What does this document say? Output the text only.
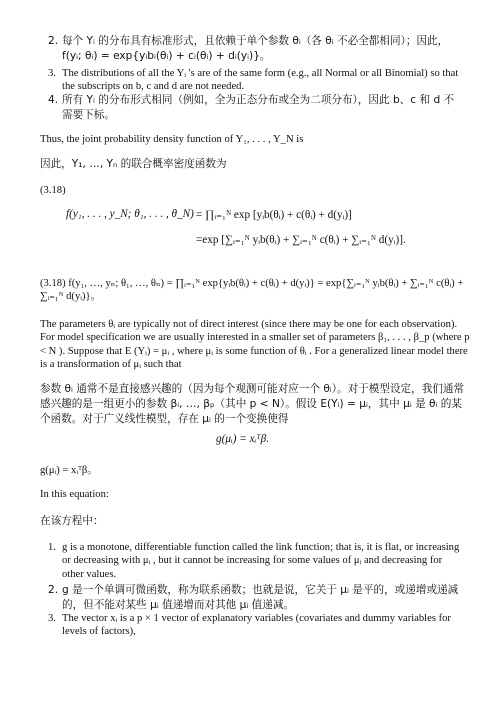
2. 每个 Yᵢ 的分布具有标准形式，且依赖于单个参数 θᵢ（各 θᵢ 不必全都相同）；因此，f(yᵢ; θᵢ) = exp{yᵢbᵢ(θᵢ) + cᵢ(θᵢ) + dᵢ(yᵢ)}。
3. The distributions of all the Yᵢ 's are of the same form (e.g., all Normal or all Binomial) so that the subscripts on b, c and d are not needed.
4. 所有 Yᵢ 的分布形式相同（例如，全为正态分布或全为二项分布），因此 b、c 和 d 不需要下标。
Thus, the joint probability density function of Y₁, . . . , Y_N is
因此，Y₁, …, Yₙ 的联合概率密度函数为
(3.18)
f(y₁, . . . , y_N; θ₁, . . . , θ_N) = ∏ᵢ₌₁ᴺ exp [yᵢb(θᵢ) + c(θᵢ) + d(yᵢ)]
=exp [∑ᵢ₌₁ᴺ yᵢb(θᵢ) + ∑ᵢ₌₁ᴺ c(θᵢ) + ∑ᵢ₌₁ᴺ d(yᵢ)].
(3.18) f(y₁, …, yₙ; θ₁, …, θₙ) = ∏ᵢ₌₁ᴺ exp{yᵢb(θᵢ) + c(θᵢ) + d(yᵢ)} = exp{∑ᵢ₌₁ᴺ yᵢb(θᵢ) + ∑ᵢ₌₁ᴺ c(θᵢ) + ∑ᵢ₌₁ᴺ d(yᵢ)}。
The parameters θᵢ are typically not of direct interest (since there may be one for each observation). For model specification we are usually interested in a smaller set of parameters β₁, . . . , β_p (where p < N ). Suppose that E (Yᵢ) = μᵢ , where μᵢ is some function of θᵢ . For a generalized linear model there is a transformation of μᵢ such that
参数 θᵢ 通常不是直接感兴趣的（因为每个观测可能对应一个 θᵢ）。对于模型设定，我们通常感兴趣的是一组更小的参数 βᵢ, …, βₚ（其中 p < N）。假设 E(Yᵢ) = μᵢ，其中 μᵢ 是 θᵢ 的某个函数。对于广义线性模型，存在 μᵢ 的一个变换使得
g(μᵢ) = xᵢᵀβ.
g(μᵢ) = xᵢᵀβ。
In this equation:
在该方程中：
1. g is a monotone, differentiable function called the link function; that is, it is flat, or increasing or decreasing with μᵢ , but it cannot be increasing for some values of μᵢ and decreasing for other values.
2. g 是一个单调可微函数，称为联系函数；也就是说，它关于 μᵢ 是平的，或递增或递减的，但不能对某些 μᵢ 值递增而对其他 μᵢ 值递减。
3. The vector xᵢ is a p × 1 vector of explanatory variables (covariates and dummy variables for levels of factors),
